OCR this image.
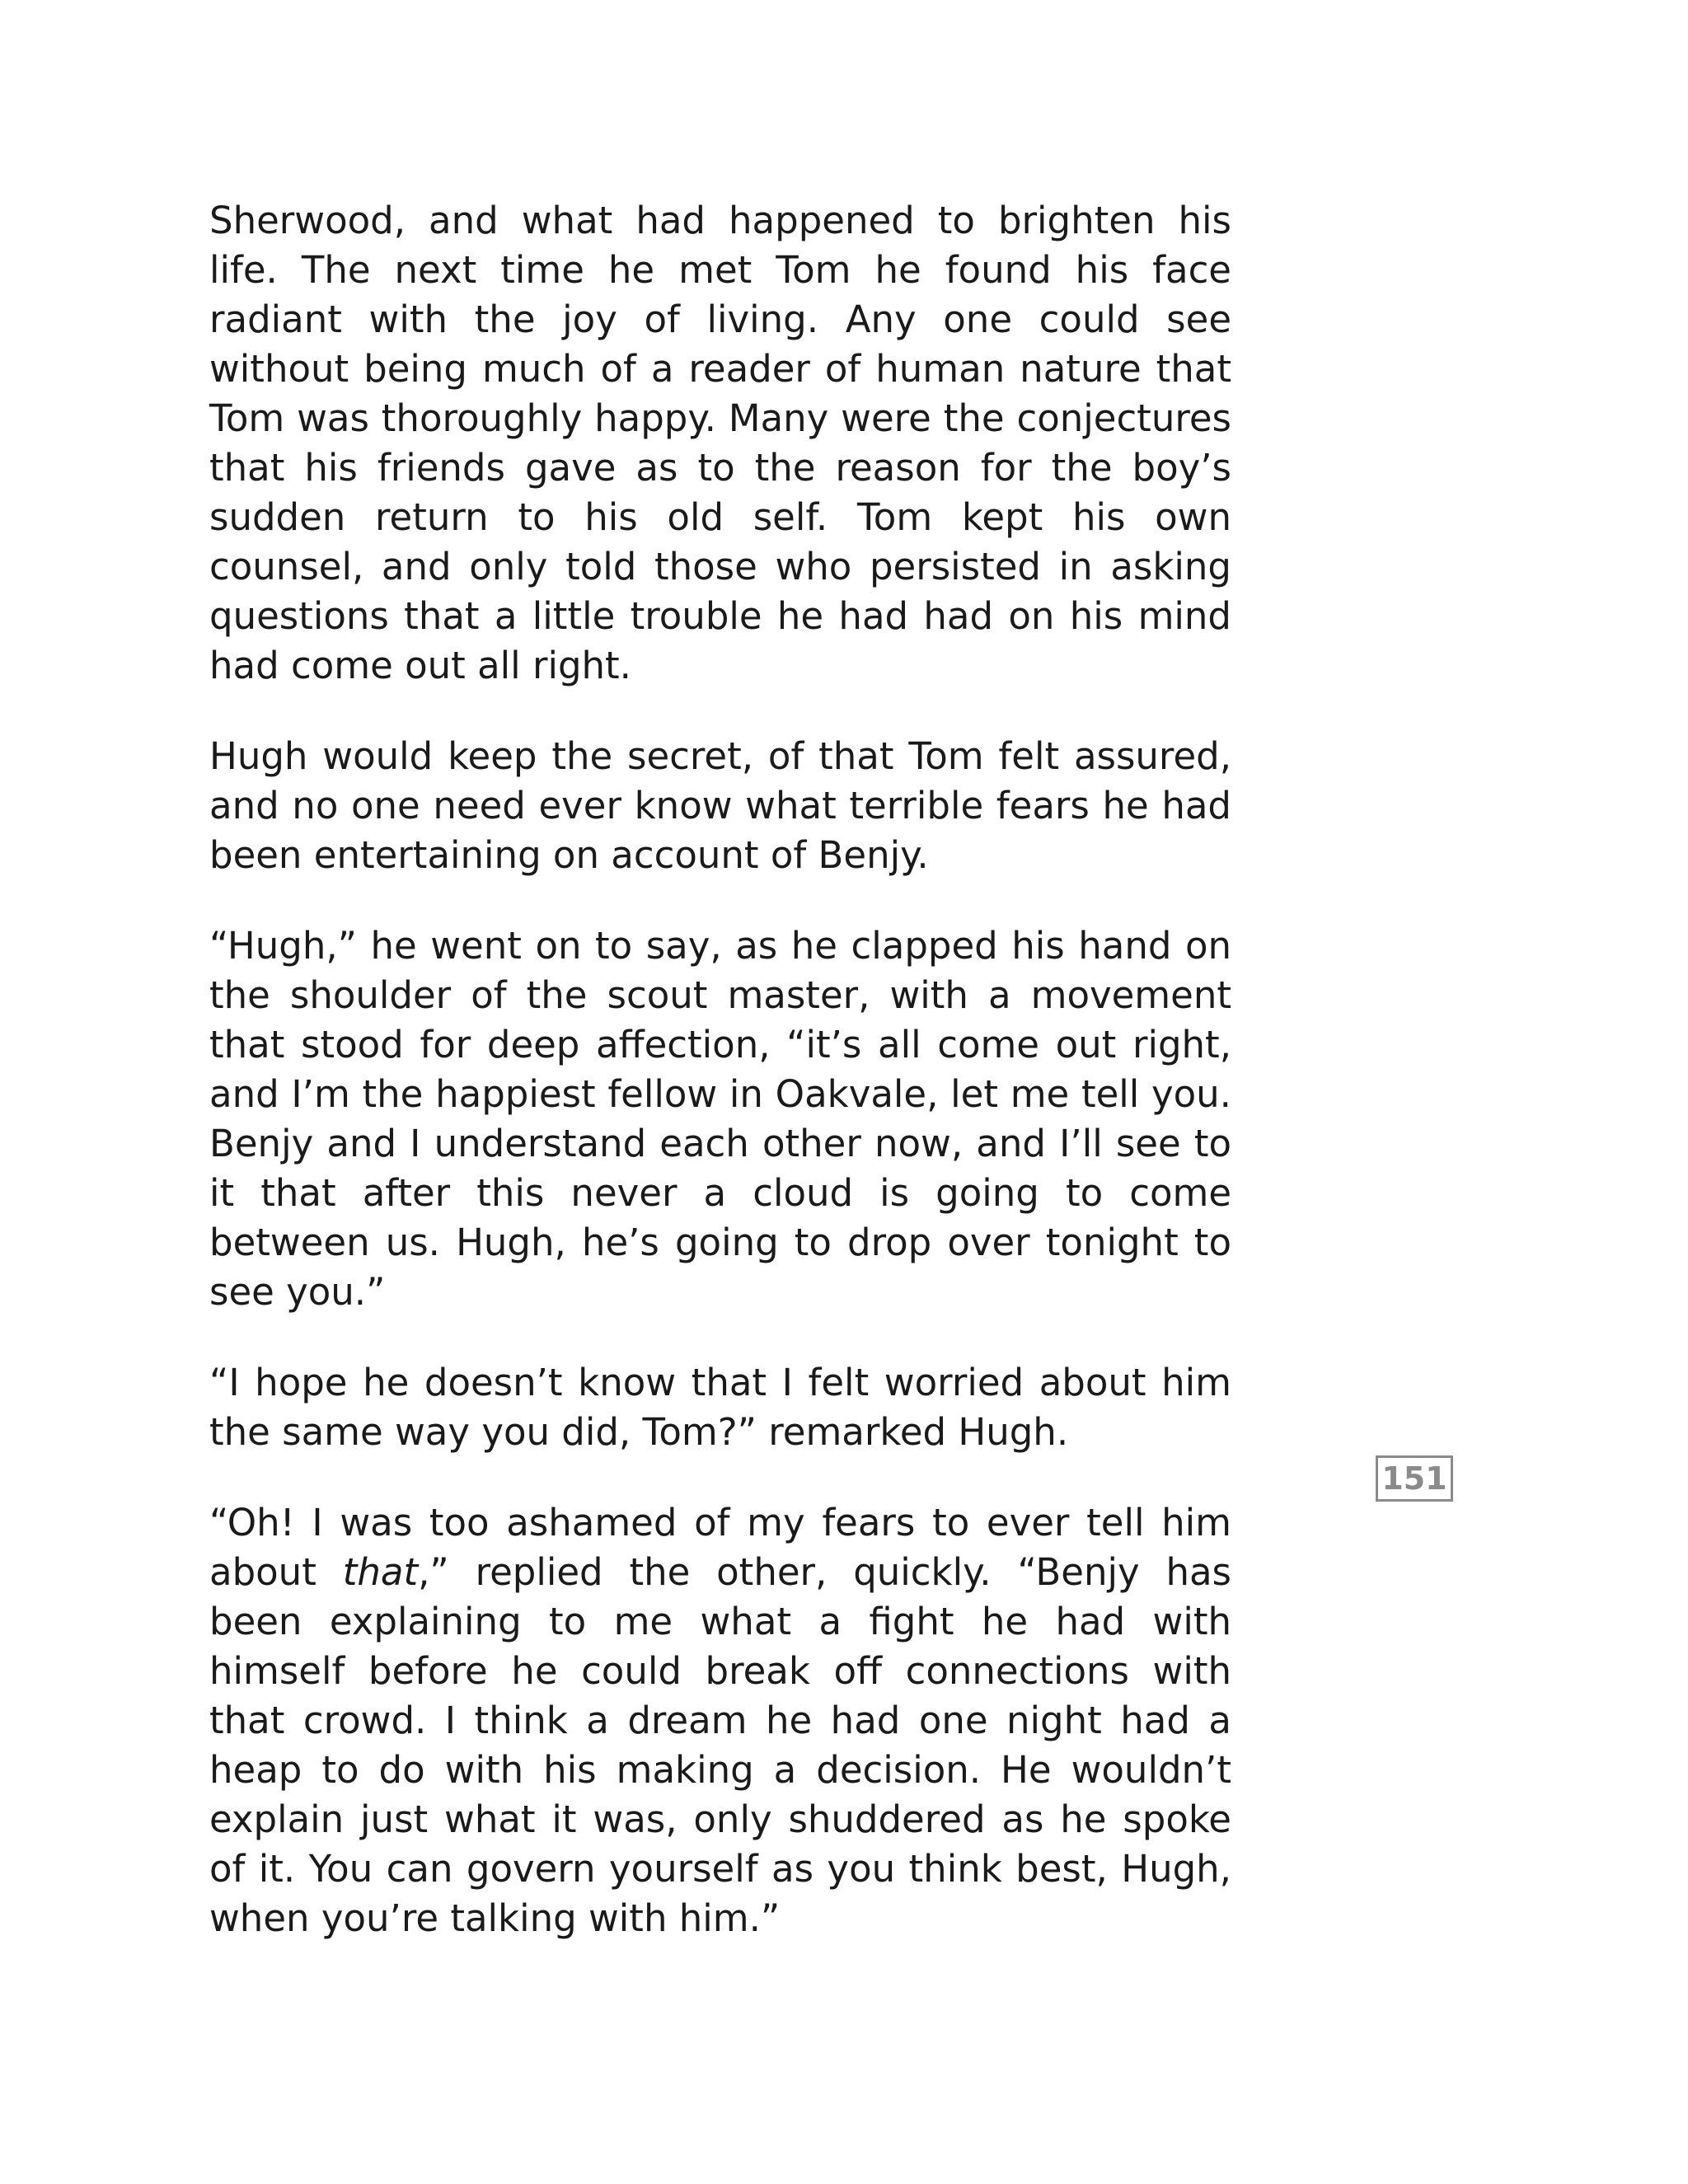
Sherwood, and what had happened to brighten his life. The next time he met Tom he found his face radiant with the joy of living. Any one could see without being much of a reader of human nature that Tom was thoroughly happy. Many were the conjectures that his friends gave as to the reason for the boy’s sudden return to his old self. Tom kept his own counsel, and only told those who persisted in asking questions that a little trouble he had had on his mind had come out all right.

Hugh would keep the secret, of that Tom felt assured, and no one need ever know what terrible fears he had been entertaining on account of Benjy.

“Hugh,” he went on to say, as he clapped his hand on the shoulder of the scout master, with a movement that stood for deep affection, “it’s all come out right, and I’m the happiest fellow in Oakvale, let me tell you. Benjy and I understand each other now, and I’ll see to it that after this never a cloud is going to come between us. Hugh, he’s going to drop over tonight to see you.”

“I hope he doesn’t know that I felt worried about him the same way you did, Tom?” remarked Hugh.

“Oh! I was too ashamed of my fears to ever tell him about that,” replied the other, quickly. “Benjy has been explaining to me what a fight he had with himself before he could break off connections with that crowd. I think a dream he had one night had a heap to do with his making a decision. He wouldn’t explain just what it was, only shuddered as he spoke of it. You can govern yourself as you think best, Hugh, when you’re talking with him.”

151
